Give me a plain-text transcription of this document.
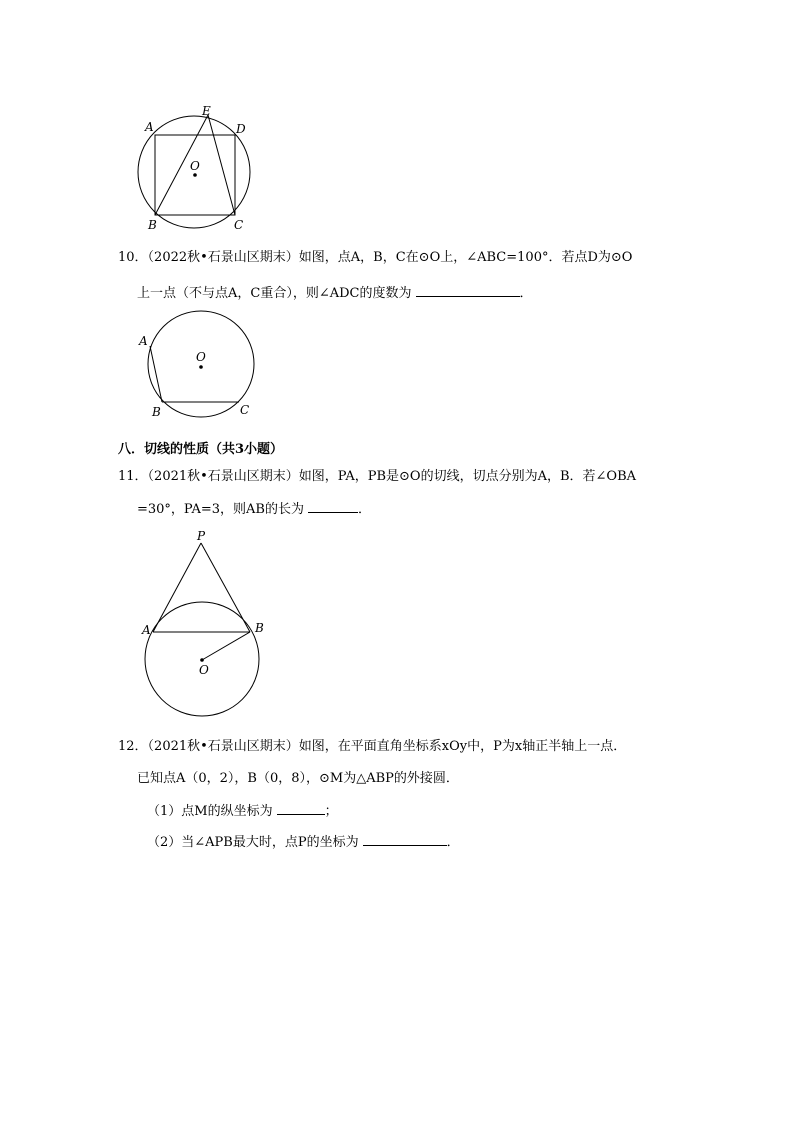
A
E
D
O
B	C
10．（2022秋•石景山区期末）如图，点A，B，C在⊙O上，∠ABC=100°．若点D为⊙O
上一点（不与点A，C重合），则∠ADC的度数为	．
A
O
B	C
八．切线的性质（共3小题）
11．（2021秋•石景山区期末）如图，PA，PB是⊙O的切线，切点分别为A，B．若∠OBA
=30°，PA=3，则AB的长为	．
P
A	B
O
12．（2021秋•石景山区期末）如图，在平面直角坐标系xOy中，P为x轴正半轴上一点．
已知点A（0，2），B（0，8），⊙M为△ABP的外接圆．
（1）点M的纵坐标为	；
（2）当∠APB最大时，点P的坐标为	．
